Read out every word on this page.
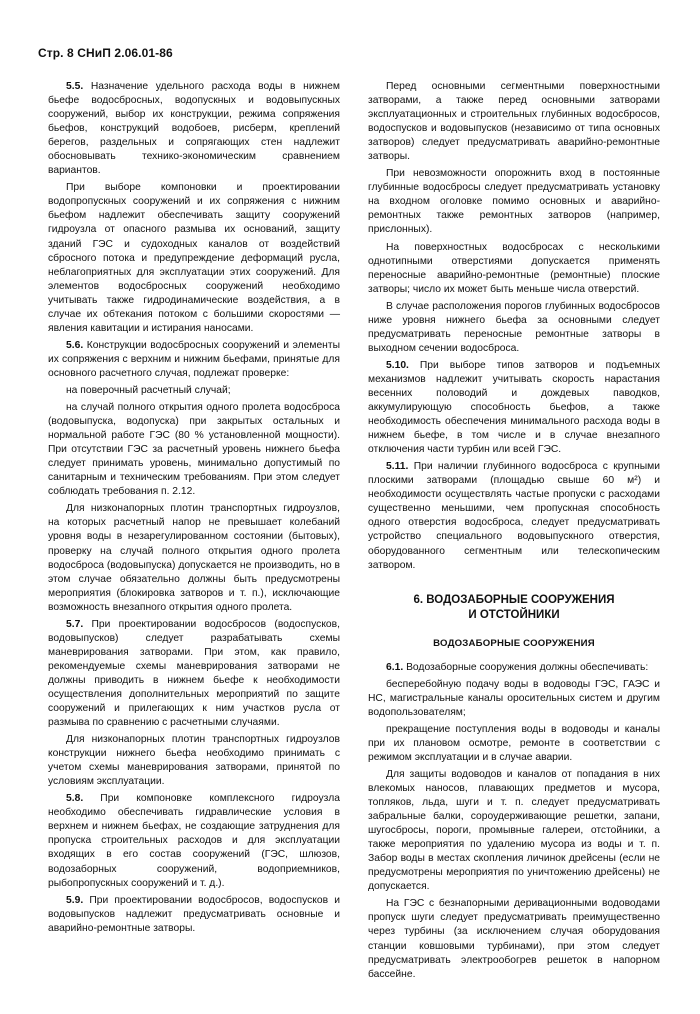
Стр. 8 СНиП 2.06.01-86

5.5. Назначение удельного расхода воды в нижнем бьефе водосбросных, водопускных и водовыпускных сооружений, выбор их конструкции, режима сопряжения бьефов, конструкций водобоев, рисберм, креплений берегов, раздельных и сопрягающих стен надлежит обосновывать технико-экономическим сравнением вариантов.

При выборе компоновки и проектировании водопропускных сооружений и их сопряжения с нижним бьефом надлежит обеспечивать защиту сооружений гидроузла от опасного размыва их оснований, защиту зданий ГЭС и судоходных каналов от воздействий сбросного потока и предупреждение деформаций русла, неблагоприятных для эксплуатации этих сооружений. Для элементов водосбросных сооружений необходимо учитывать также гидродинамические воздействия, а в случае их обтекания потоком с большими скоростями — явления кавитации и истирания наносами.

5.6. Конструкции водосбросных сооружений и элементы их сопряжения с верхним и нижним бьефами, принятые для основного расчетного случая, подлежат проверке:

на поверочный расчетный случай;

на случай полного открытия одного пролета водосброса (водовыпуска, водопуска) при закрытых остальных и нормальной работе ГЭС (80 % установленной мощности). При отсутствии ГЭС за расчетный уровень нижнего бьефа следует принимать уровень, минимально допустимый по санитарным и техническим требованиям. При этом следует соблюдать требования п. 2.12.

Для низконапорных плотин транспортных гидроузлов, на которых расчетный напор не превышает колебаний уровня воды в незарегулированном состоянии (бытовых), проверку на случай полного открытия одного пролета водосброса (водовыпуска) допускается не производить, но в этом случае обязательно должны быть предусмотрены мероприятия (блокировка затворов и т. п.), исключающие возможность внезапного открытия одного пролета.

5.7. При проектировании водосбросов (водоспусков, водовыпусков) следует разрабатывать схемы маневрирования затворами. При этом, как правило, рекомендуемые схемы маневрирования затворами не должны приводить в нижнем бьефе к необходимости осуществления дополнительных мероприятий по защите сооружений и прилегающих к ним участков русла от размыва по сравнению с расчетными случаями.

Для низконапорных плотин транспортных гидроузлов конструкции нижнего бьефа необходимо принимать с учетом схемы маневрирования затворами, принятой по условиям эксплуатации.

5.8. При компоновке комплексного гидроузла необходимо обеспечивать гидравлические условия в верхнем и нижнем бьефах, не создающие затруднения для пропуска строительных расходов и для эксплуатации входящих в его состав сооружений (ГЭС, шлюзов, водозаборных сооружений, водоприемников, рыбопропускных сооружений и т. д.).

5.9. При проектировании водосбросов, водоспусков и водовыпусков надлежит предусматривать основные и аварийно-ремонтные затворы.

Перед основными сегментными поверхностными затворами, а также перед основными затворами эксплуатационных и строительных глубинных водосбросов, водоспусков и водовыпусков (независимо от типа основных затворов) следует предусматривать аварийно-ремонтные затворы.

При невозможности опорожнить вход в постоянные глубинные водосбросы следует предусматривать установку на входном оголовке помимо основных и аварийно-ремонтных также ремонтных затворов (например, прислонных).

На поверхностных водосбросах с несколькими однотипными отверстиями допускается применять переносные аварийно-ремонтные (ремонтные) плоские затворы; число их может быть меньше числа отверстий.

В случае расположения порогов глубинных водосбросов ниже уровня нижнего бьефа за основными следует предусматривать переносные ремонтные затворы в выходном сечении водосброса.

5.10. При выборе типов затворов и подъемных механизмов надлежит учитывать скорость нарастания весенних половодий и дождевых паводков, аккумулирующую способность бьефов, а также необходимость обеспечения минимального расхода воды в нижнем бьефе, в том числе и в случае внезапного отключения части турбин или всей ГЭС.

5.11. При наличии глубинного водосброса с крупными плоскими затворами (площадью свыше 60 м²) и необходимости осуществлять частые пропуски с расходами существенно меньшими, чем пропускная способность одного отверстия водосброса, следует предусматривать устройство специального водовыпускного отверстия, оборудованного сегментным или телескопическим затвором.

6. ВОДОЗАБОРНЫЕ СООРУЖЕНИЯ
И ОТСТОЙНИКИ
ВОДОЗАБОРНЫЕ СООРУЖЕНИЯ

6.1. Водозаборные сооружения должны обеспечивать:

бесперебойную подачу воды в водоводы ГЭС, ГАЭС и НС, магистральные каналы оросительных систем и другим водопользователям;

прекращение поступления воды в водоводы и каналы при их плановом осмотре, ремонте в соответствии с режимом эксплуатации и в случае аварии.

Для защиты водоводов и каналов от попадания в них влекомых наносов, плавающих предметов и мусора, топляков, льда, шуги и т. п. следует предусматривать забральные балки, сороудерживающие решетки, запани, шугосбросы, пороги, промывные галереи, отстойники, а также мероприятия по удалению мусора из воды и т. п. Забор воды в местах скопления личинок дрейсены (если не предусмотрены мероприятия по уничтожению дрейсены) не допускается.

На ГЭС с безнапорными деривационными водоводами пропуск шуги следует предусматривать преимущественно через турбины (за исключением случая оборудования станции ковшовыми турбинами), при этом следует предусматривать электрообогрев решеток в напорном бассейне.
